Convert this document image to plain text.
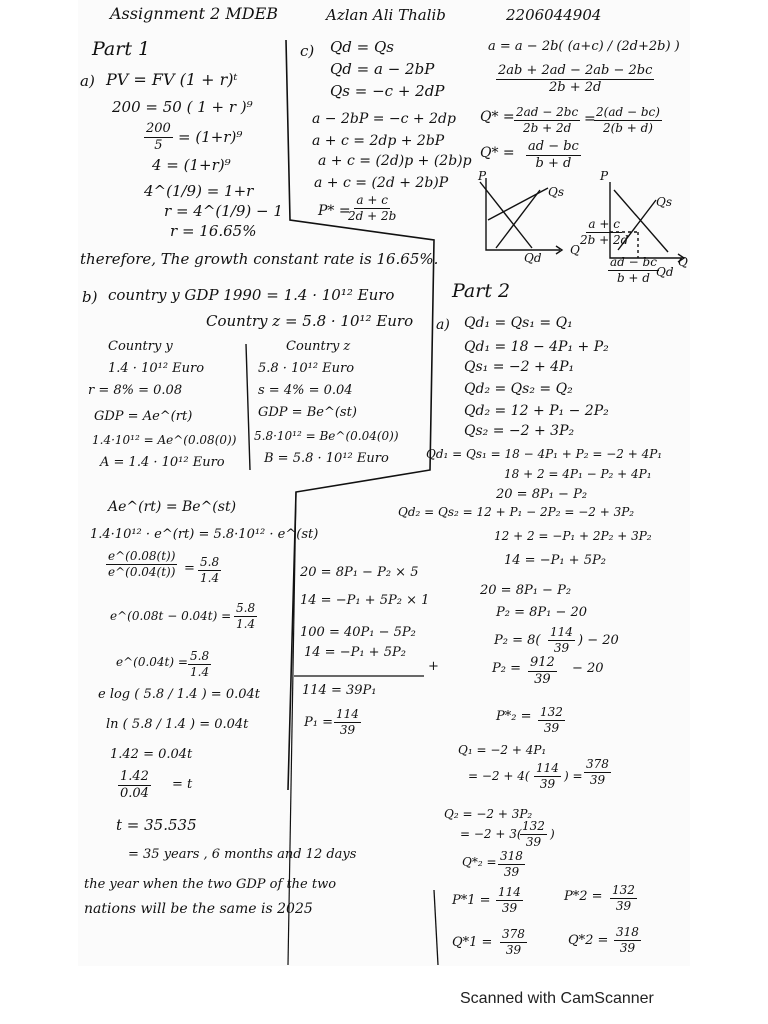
Assignment 2 MDEB	Azlan Ali Thalib	2206044904
Part 1
a) PV = FV (1 + r)ᵗ
200 = 50 ( 1 + r )⁹
$\frac{200}{5} = (1+r)^9$
4 = (1+r)⁹
4^(1/9) = 1+r
r = 4^(1/9) − 1
r = 16.65%
therefore, The growth constant rate is 16.65%.
c) Qd = Qs
Qd = a − 2bP
Qs = −c + 2dP
a − 2bP = −c + 2dp
a + c = 2dp + 2bP
a + c = (2d)p + (2b)p
a + c = (2d + 2b)P
P* =
$\frac{a + c}{2d + 2b}$
a = a − 2b( (a+c) / (2d+2b) )
$\frac{2ab + 2ad - 2ab - 2bc}{2b + 2d}$
$Q* = \frac{2ad - 2bc}{2b + 2d}$ =
$\frac{2(ad - bc)}{2(b + d)}$
$Q* = \frac{ad - bc}{b + d}$
P
Qs
Qd
Q
P
Qs
Qd
Q
$\frac{a + c}{2b + 2d}$
$\frac{ad - bc}{b + d}$
b) country y GDP 1990 = 1.4 · 10¹² Euro
Country z = 5.8 · 10¹² Euro
Country y
1.4 · 10¹² Euro
r = 8% = 0.08
GDP = Ae^(rt)
1.4·10¹² = Ae^(0.08(0))
A = 1.4 · 10¹² Euro
Country z
5.8 · 10¹² Euro
s = 4% = 0.04
GDP = Be^(st)
5.8·10¹² = Be^(0.04(0))
B = 5.8 · 10¹² Euro
Ae^(rt) = Be^(st)
1.4·10¹² · e^(rt) = 5.8·10¹² · e^(st)
$\frac{e\^{}(0.08(t))}{e\^{}(0.04(t))} = \frac{5.8}{1.4}$
e^(0.08t − $0.04t) = \frac{5.8}{1.4}$
e^(0.04t) = $\frac{5.8}{1.4}$
e log ( 5.8 / 1.4 ) = 0.04t
ln ( 5.8 / 1.4 ) = 0.04t
1.42 = 0.04t
$\frac{1.42}{0.04} = t$
t = 35.535
= 35 years , 6 months and 12 days
the year when the two GDP of the two
nations will be the same is 2025
20 = 8P₁ − P₂ × 5
14 = −P₁ + 5P₂ × 1
100 = 40P₁ − 5P₂
14 = −P₁ + 5P₂
+
114 = 39P₁
$P_1 = \frac{114}{39}$
Part 2
a) Qd₁ = Qs₁ = Q₁
Qd₁ = 18 − 4P₁ + P₂
Qs₁ = −2 + 4P₁
Qd₂ = Qs₂ = Q₂
Qd₂ = 12 + P₁ − 2P₂
Qs₂ = −2 + 3P₂
Qd₁ = Qs₁ = 18 − 4P₁ + P₂ = −2 + 4P₁
18 + 2 = 4P₁ − P₂ + 4P₁
20 = 8P₁ − P₂
Qd₂ = Qs₂ = 12 + P₁ − 2P₂ = −2 + 3P₂
12 + 2 = −P₁ + 2P₂ + 3P₂
14 = −P₁ + 5P₂
20 = 8P₁ − P₂
P₂ = 8P₁ − 20
$P_2 = 8( \frac{114}{39}$ ) − 20
$P_2 = \frac{912}{39} - 20$
$P*_2 = \frac{132}{39}$
Q₁ = −2 + 4P₁
= $-2 + 4( \frac{114}{39}$ ) = $\frac{378}{39}$
Q₂ = −2 + 3P₂
= −2 + 3(
$\frac{132}{39}$ )
$Q*_2 = \frac{318}{39}$
$P*1 = \frac{114}{39}$	$P*2 = \frac{132}{39}$
$Q*1 = \frac{378}{39}$	$Q*2 = \frac{318}{39}$
Scanned with CamScanner
